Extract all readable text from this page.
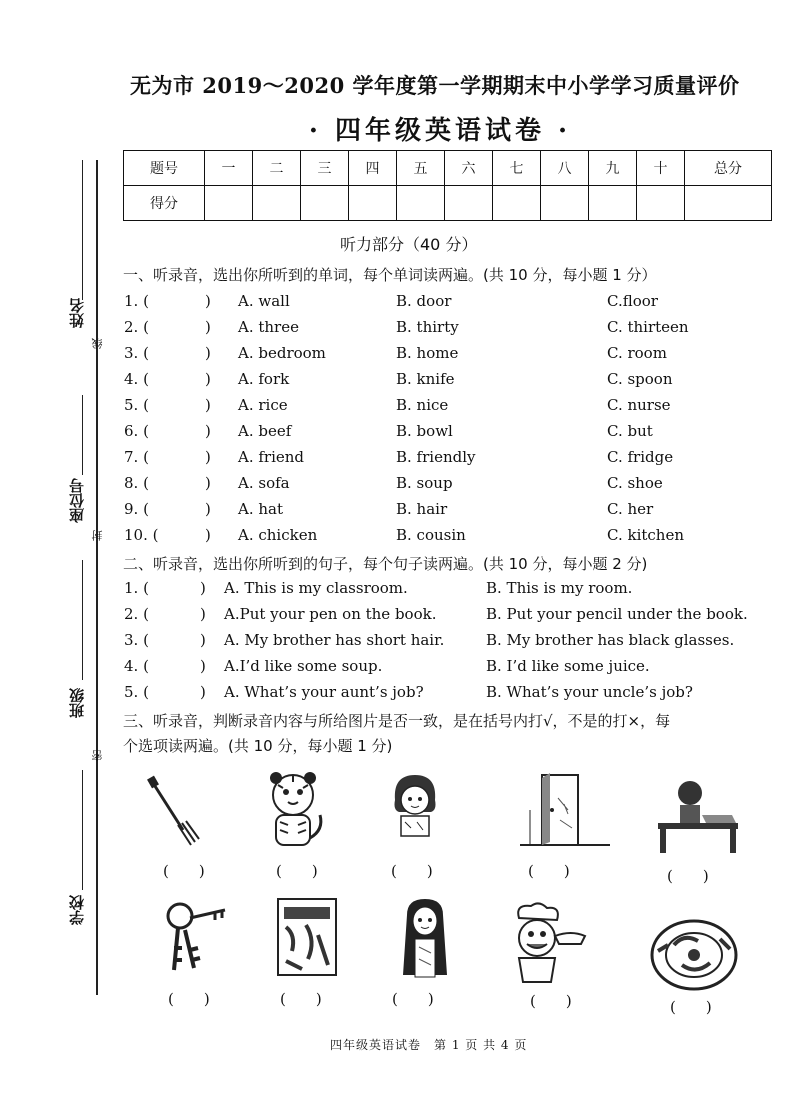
无为市 2019～2020 学年度第一学期期末中小学学习质量评价
· 四年级英语试卷 ·
题号	一	二	三	四	五	六	七	八	九	十	总分
得分											
听力部分（40 分）
一、听录音，选出你所听到的单词，每个单词读两遍。(共 10 分，每小题 1 分）
1. (	) A. wall	B. door	C.floor
2. (	) A. three	B. thirty	C. thirteen
3. (	) A. bedroom	B. home	C. room
4. (	) A. fork	B. knife	C. spoon
5. (	) A. rice	B. nice	C. nurse
6. (	) A. beef	B. bowl	C. but
7. (	) A. friend	B. friendly	C. fridge
8. (	) A. sofa	B. soup	C. shoe
9. (	) A. hat	B. hair	C. her
10. (	) A. chicken	B. cousin	C. kitchen
二、听录音，选出你所听到的句子，每个句子读两遍。(共 10 分，每小题 2 分)
1. (	) A. This is my classroom.	B. This is my room.
2. (	) A.Put your pen on the book.	B. Put your pencil under the book.
3. (	) A. My brother has short hair.	B. My brother has black glasses.
4. (	) A.I’d like some soup.	B. I’d like some juice.
5. (	) A. What’s your aunt’s job?	B. What’s your uncle’s job?
三、听录音，判断录音内容与所给图片是否一致，是在括号内打√，不是的打×，每
个选项读两遍。(共 10 分，每小题 1 分)
(　　)	(　　)	(　　)	(　　)	(　　)
(　　)	(　　)	(　　)	(　　)	(　　)
姓名
线
座位号
封
班级
密
学校
四年级英语试卷　第 1 页 共 4 页
